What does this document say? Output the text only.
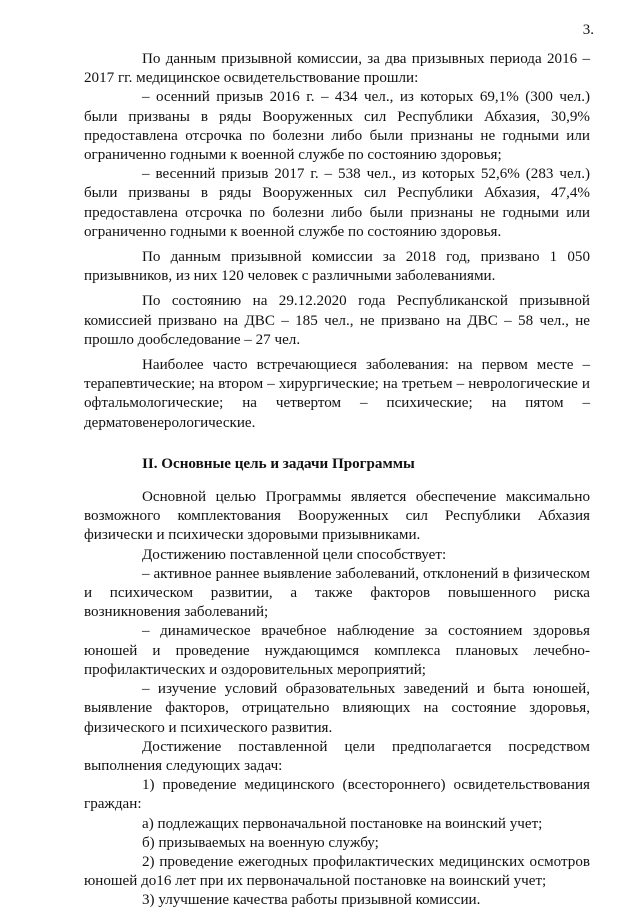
3.

По данным призывной комиссии, за два призывных периода 2016 – 2017 гг. медицинское освидетельствование прошли:

– осенний призыв 2016 г. – 434 чел., из которых 69,1% (300 чел.) были призваны в ряды Вооруженных сил Республики Абхазия, 30,9% предоставлена отсрочка по болезни либо были признаны не годными или ограниченно годными к военной службе по состоянию здоровья;

– весенний призыв 2017 г. – 538 чел., из которых 52,6% (283 чел.) были призваны в ряды Вооруженных сил Республики Абхазия, 47,4% предоставлена отсрочка по болезни либо были признаны не годными или ограниченно годными к военной службе по состоянию здоровья.

По данным призывной комиссии за 2018 год, призвано 1 050 призывников, из них 120 человек с различными заболеваниями.

По состоянию на 29.12.2020 года Республиканской призывной комиссией призвано на ДВС – 185 чел., не призвано на ДВС – 58 чел., не прошло дообследование – 27 чел.

Наиболее часто встречающиеся заболевания: на первом месте – терапевтические; на втором – хирургические; на третьем – неврологические и офтальмологические; на четвертом – психические; на пятом – дерматовенерологические.

II. Основные цель и задачи Программы

Основной целью Программы является обеспечение максимально возможного комплектования Вооруженных сил Республики Абхазия физически и психически здоровыми призывниками.

Достижению поставленной цели способствует:

– активное раннее выявление заболеваний, отклонений в физическом и психическом развитии, а также факторов повышенного риска возникновения заболеваний;

– динамическое врачебное наблюдение за состоянием здоровья юношей и проведение нуждающимся комплекса плановых лечебно-профилактических и оздоровительных мероприятий;

– изучение условий образовательных заведений и быта юношей, выявление факторов, отрицательно влияющих на состояние здоровья, физического и психического развития.

Достижение поставленной цели предполагается посредством выполнения следующих задач:

1) проведение медицинского (всестороннего) освидетельствования граждан:

а) подлежащих первоначальной постановке на воинский учет;

б) призываемых на военную службу;

2) проведение ежегодных профилактических медицинских осмотров юношей до16 лет при их первоначальной постановке на воинский учет;

3) улучшение качества работы призывной комиссии.
